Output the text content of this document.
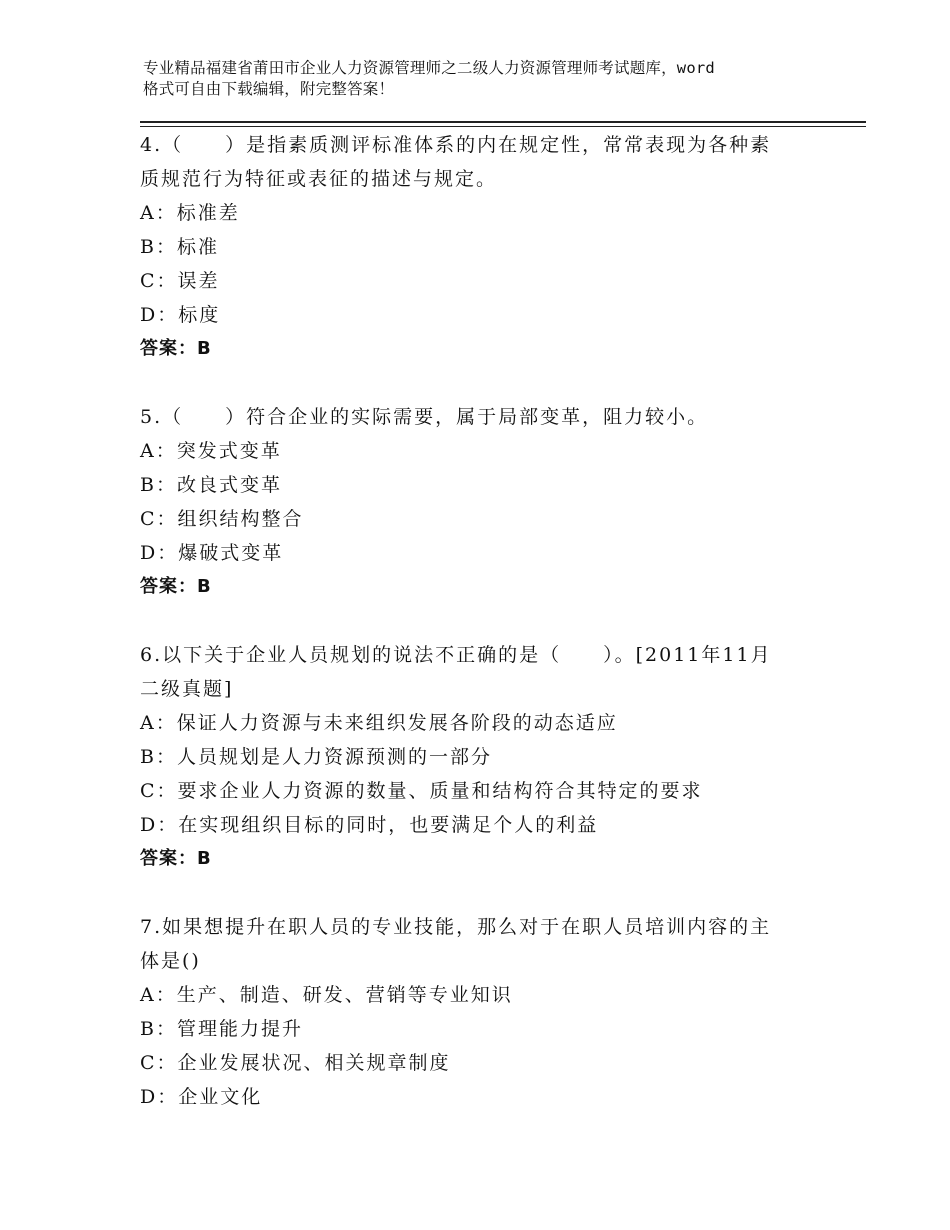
专业精品福建省莆田市企业人力资源管理师之二级人力资源管理师考试题库，word
格式可自由下载编辑，附完整答案！
4.（　　）是指素质测评标准体系的内在规定性，常常表现为各种素
质规范行为特征或表征的描述与规定。
A：标准差
B：标准
C：误差
D：标度
答案：B
5.（　　）符合企业的实际需要，属于局部变革，阻力较小。
A：突发式变革
B：改良式变革
C：组织结构整合
D：爆破式变革
答案：B
6.以下关于企业人员规划的说法不正确的是（　　）。[2011年11月
二级真题]
A：保证人力资源与未来组织发展各阶段的动态适应
B：人员规划是人力资源预测的一部分
C：要求企业人力资源的数量、质量和结构符合其特定的要求
D：在实现组织目标的同时，也要满足个人的利益
答案：B
7.如果想提升在职人员的专业技能，那么对于在职人员培训内容的主
体是()
A：生产、制造、研发、营销等专业知识
B：管理能力提升
C：企业发展状况、相关规章制度
D：企业文化
